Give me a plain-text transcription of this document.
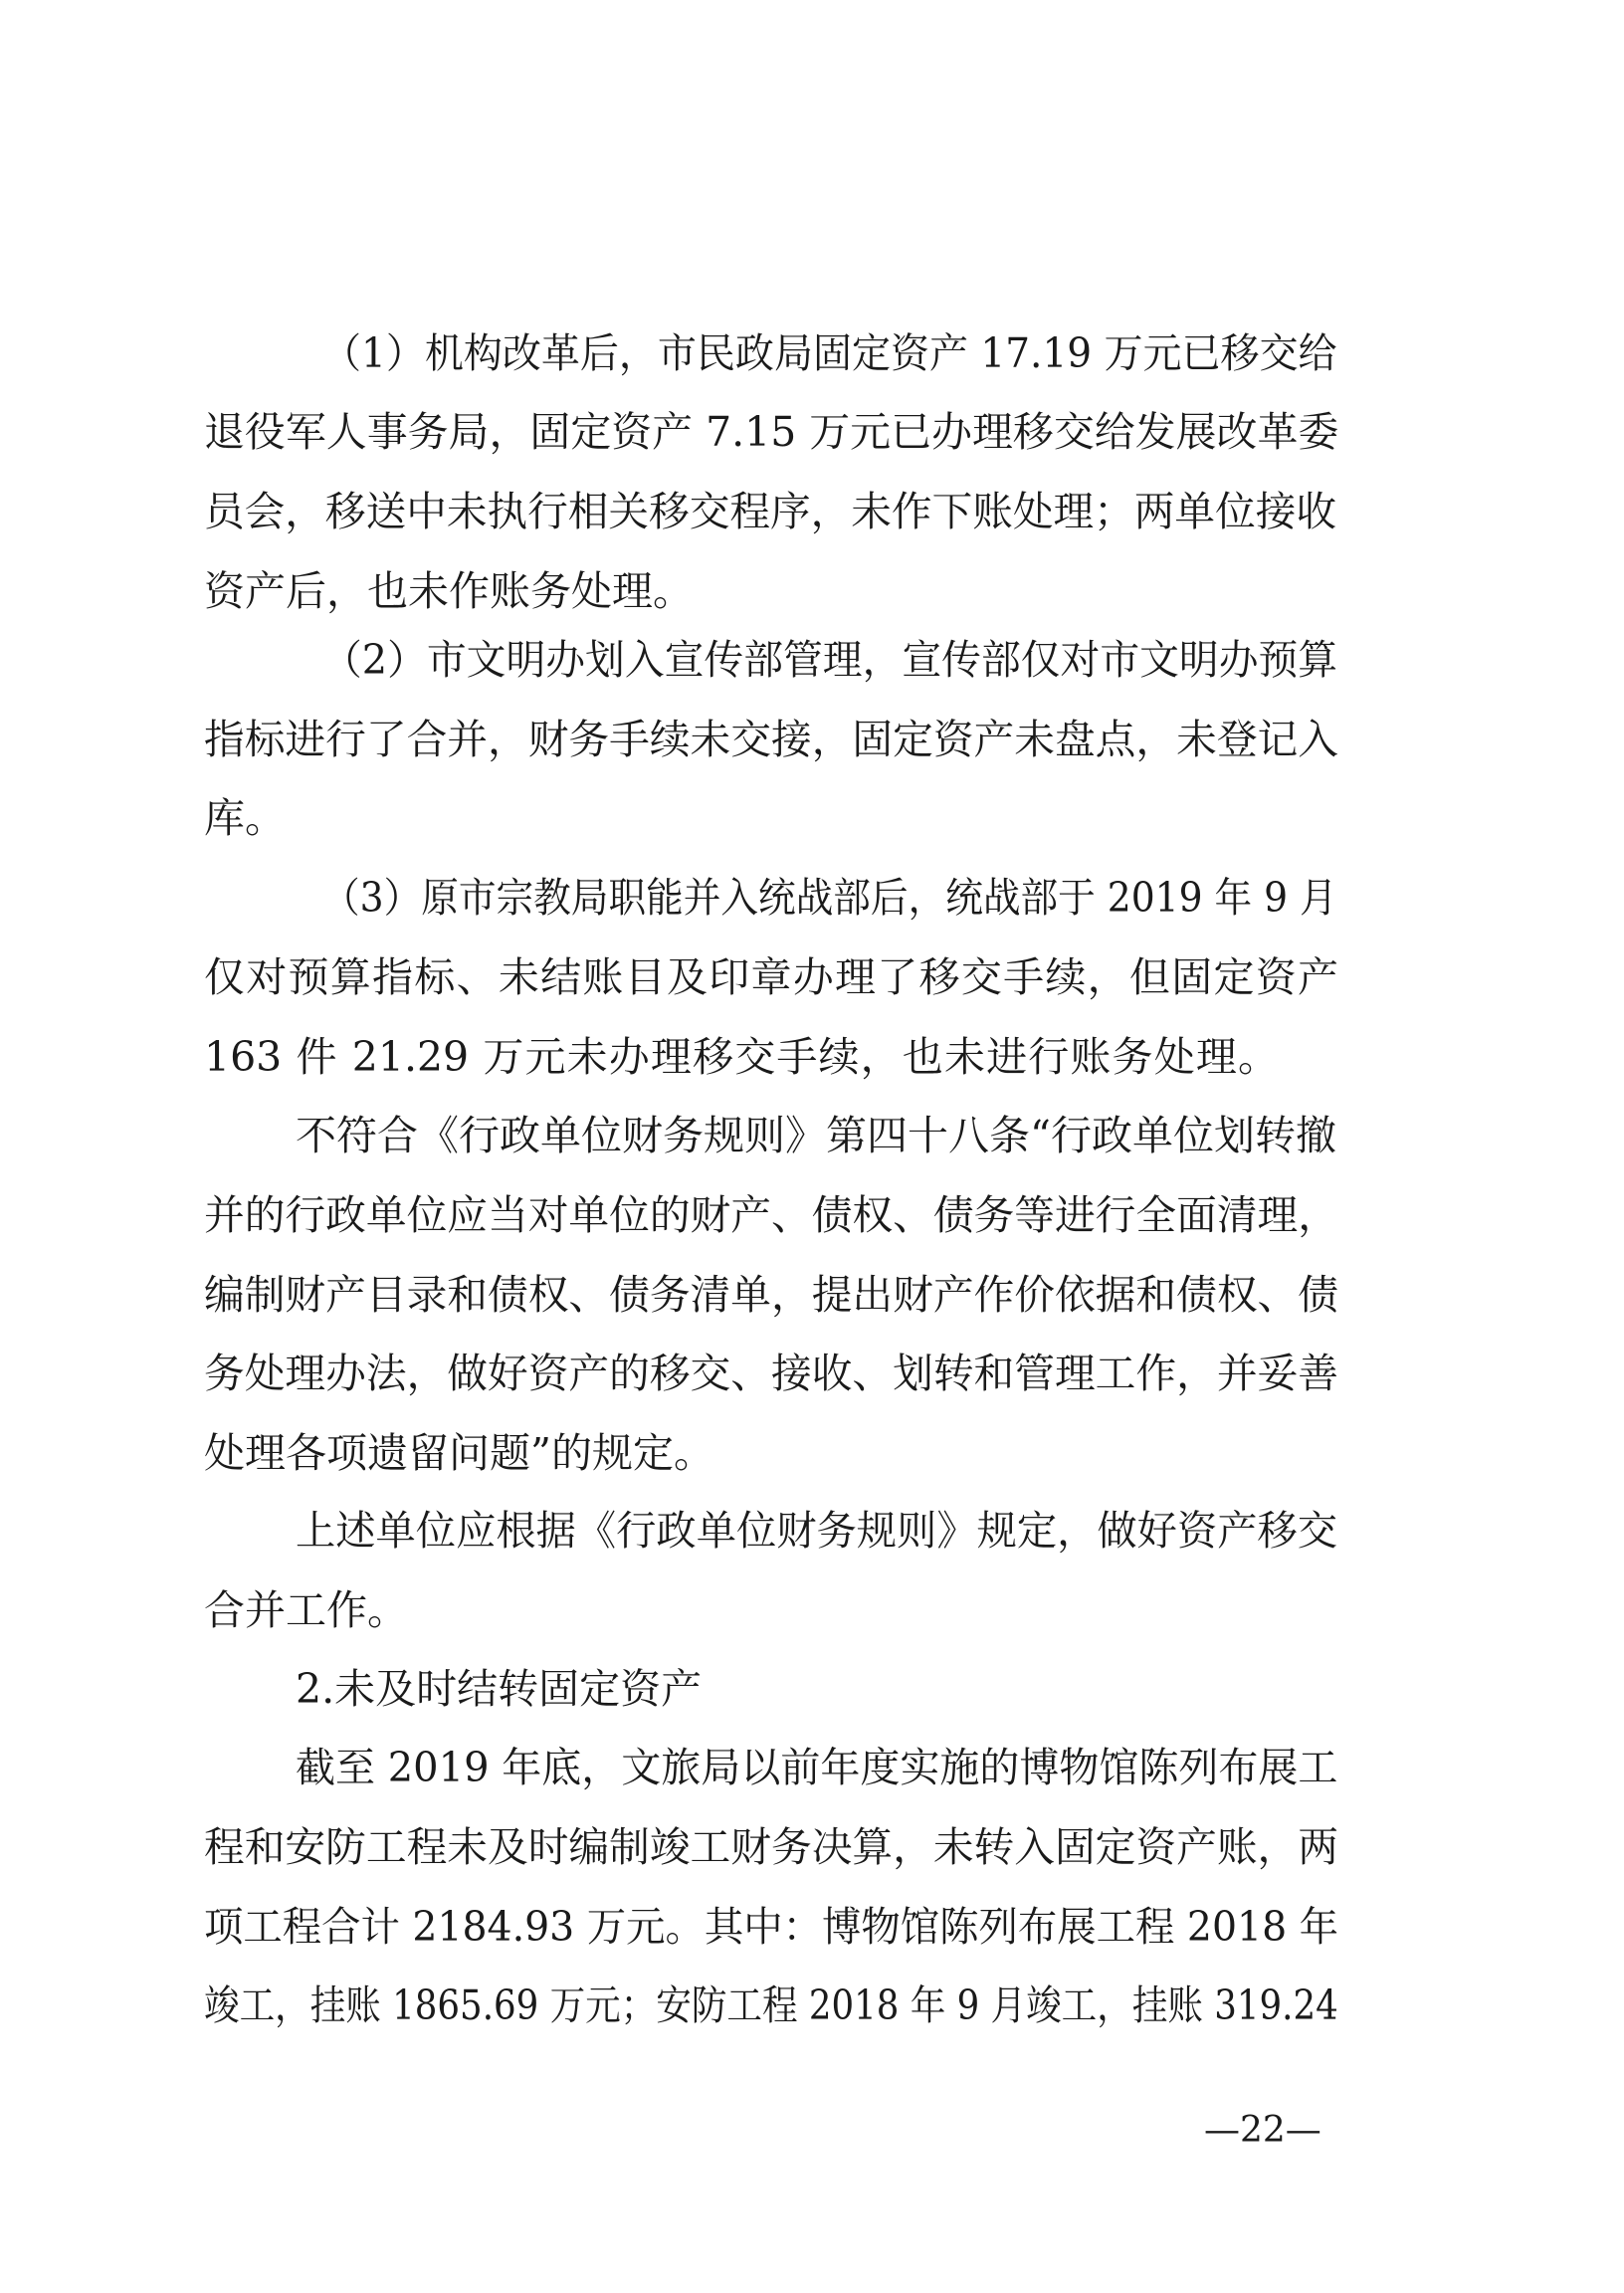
（1）机构改革后，市民政局固定资产 17.19 万元已移交给
退役军人事务局，固定资产 7.15 万元已办理移交给发展改革委
员会，移送中未执行相关移交程序，未作下账处理；两单位接收
资产后，也未作账务处理。
（2）市文明办划入宣传部管理，宣传部仅对市文明办预算
指标进行了合并，财务手续未交接，固定资产未盘点，未登记入
库。
（3）原市宗教局职能并入统战部后，统战部于 2019 年 9 月
仅对预算指标、未结账目及印章办理了移交手续，但固定资产
163 件 21.29 万元未办理移交手续，也未进行账务处理。
不符合《行政单位财务规则》第四十八条“行政单位划转撤
并的行政单位应当对单位的财产、债权、债务等进行全面清理，
编制财产目录和债权、债务清单，提出财产作价依据和债权、债
务处理办法，做好资产的移交、接收、划转和管理工作，并妥善
处理各项遗留问题”的规定。
上述单位应根据《行政单位财务规则》规定，做好资产移交
合并工作。
2.未及时结转固定资产
截至 2019 年底，文旅局以前年度实施的博物馆陈列布展工
程和安防工程未及时编制竣工财务决算，未转入固定资产账，两
项工程合计 2184.93 万元。其中：博物馆陈列布展工程 2018 年
竣工，挂账 1865.69 万元；安防工程 2018 年 9 月竣工，挂账 319.24
—22—
